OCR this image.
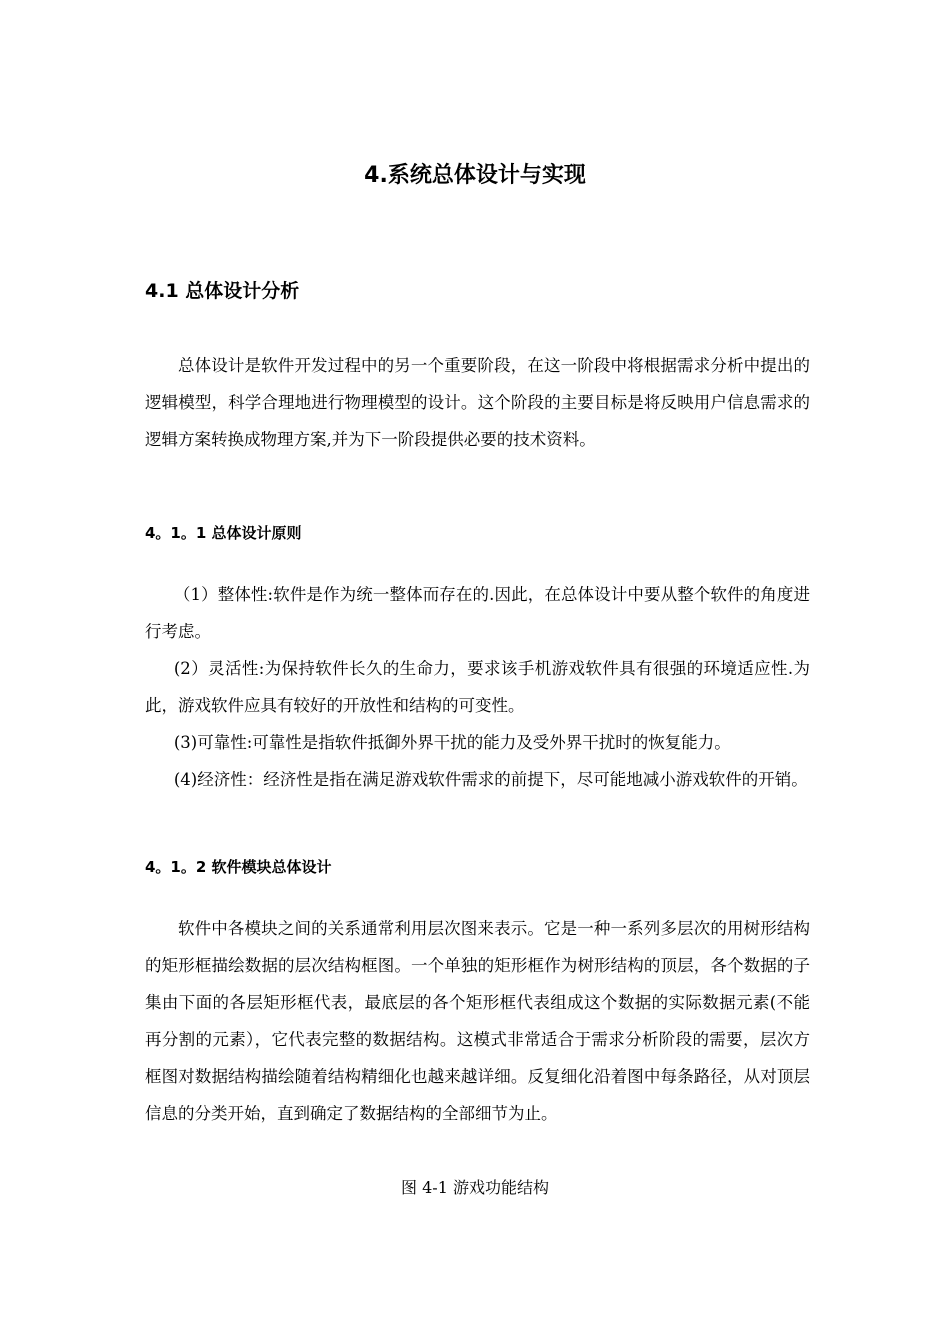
4.系统总体设计与实现
4.1 总体设计分析

总体设计是软件开发过程中的另一个重要阶段，在这一阶段中将根据需求分析中提出的逻辑模型，科学合理地进行物理模型的设计。这个阶段的主要目标是将反映用户信息需求的逻辑方案转换成物理方案,并为下一阶段提供必要的技术资料。

4。1。1 总体设计原则

（1）整体性:软件是作为统一整体而存在的.因此，在总体设计中要从整个软件的角度进行考虑。

(2）灵活性:为保持软件长久的生命力，要求该手机游戏软件具有很强的环境适应性.为此，游戏软件应具有较好的开放性和结构的可变性。

(3)可靠性:可靠性是指软件抵御外界干扰的能力及受外界干扰时的恢复能力。

(4)经济性：经济性是指在满足游戏软件需求的前提下，尽可能地减小游戏软件的开销。

4。1。2 软件模块总体设计

软件中各模块之间的关系通常利用层次图来表示。它是一种一系列多层次的用树形结构的矩形框描绘数据的层次结构框图。一个单独的矩形框作为树形结构的顶层，各个数据的子集由下面的各层矩形框代表，最底层的各个矩形框代表组成这个数据的实际数据元素(不能再分割的元素），它代表完整的数据结构。这模式非常适合于需求分析阶段的需要，层次方框图对数据结构描绘随着结构精细化也越来越详细。反复细化沿着图中每条路径，从对顶层信息的分类开始，直到确定了数据结构的全部细节为止。

图 4-1 游戏功能结构
